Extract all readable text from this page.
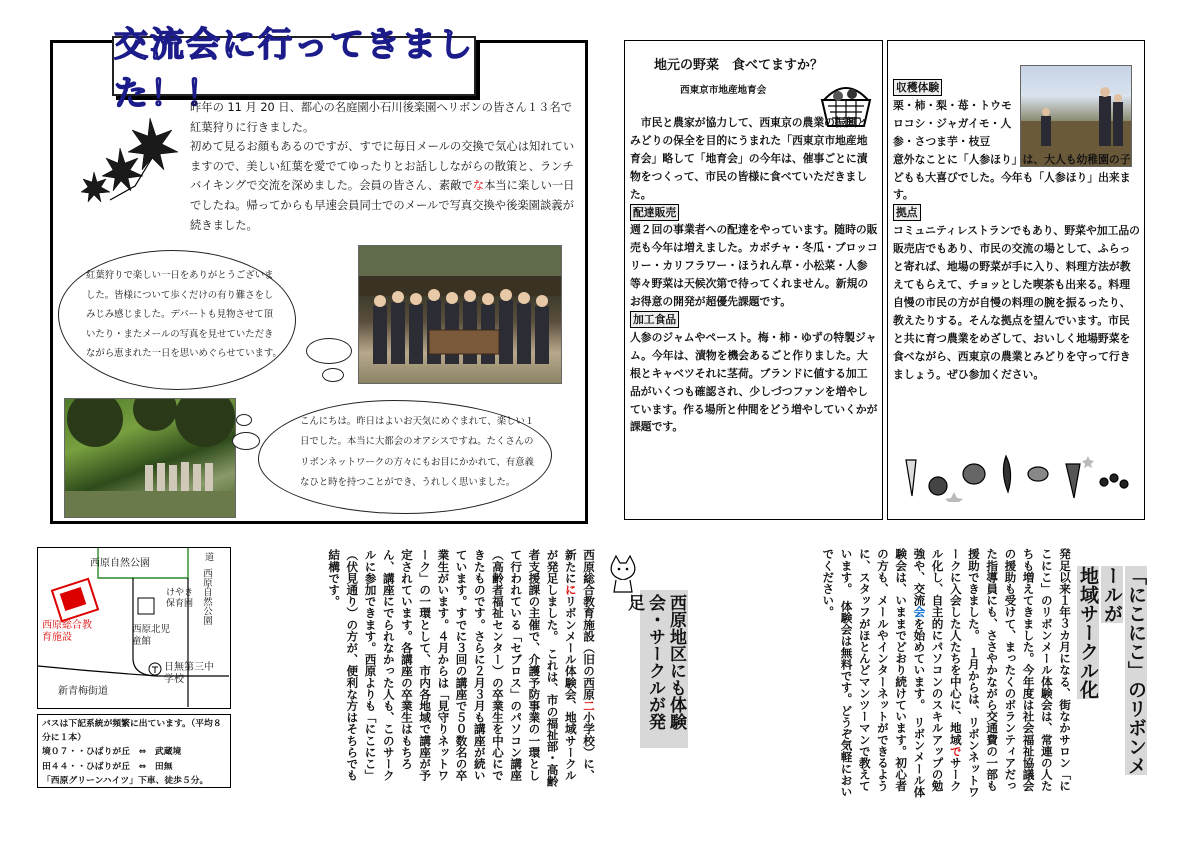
交流会に行ってきました！！
昨年の 11 月 20 日、都心の名庭園小石川後楽園へリボンの皆さん１３名で紅葉狩りに行きました。
初めて見るお顔もあるのですが、すでに毎日メールの交換で気心は知れていますので、美しい紅葉を愛でてゆったりとお話ししながらの散策と、ランチバイキングで交流を深めました。会員の皆さん、素敵でな本当に楽しい一日でしたね。帰ってからも早速会員同士でのメールで写真交換や後楽園談義が続きました。
紅葉狩りで楽しい一日をありがとうございました。皆様について歩くだけの有り難さをしみじみ感じました。デパートも見物させて頂いたり・またメールの写真を見せていただきながら恵まれた一日を思いめぐらせています。
こんにちは。昨日はよいお天気にめぐまれて、楽しい１日でした。本当に大都会のオアシスですね。たくさんのリボンネットワークの方々にもお目にかかれて、有意義なひと時を持つことができ、うれしく思いました。
地元の野菜　食べてますか？
西東京市地産地育会
　市民と農家が協力して、西東京の農業の振興とみどりの保全を目的にうまれた「西東京市地産地育会」略して「地育会」の今年は、催事ごとに漬物をつくって、市民の皆様に食べていただきました。
配達販売
週２回の事業者への配達をやっています。随時の販売も今年は増えました。カボチャ・冬瓜・ブロッコリー・カリフラワー・ほうれん草・小松菜・人参等々野菜は天候次第で待ってくれません。新規のお得意の開発が超優先課題です。
加工食品
人参のジャムやペースト。梅・柿・ゆずの特製ジャム。今年は、漬物を機会あるごと作りました。大根とキャベツそれに茎荷。ブランドに値する加工品がいくつも確認され、少しづつファンを増やしています。作る場所と仲間をどう増やしていくかが課題です。
収穫体験
栗・柿・梨・苺・トウモロコシ・ジャガイモ・人参・さつま芋・枝豆
意外なことに「人参ほり」は、大人も幼稚園の子どもも大喜びでした。今年も「人参ほり」出来ます。
拠点
コミュニティレストランでもあり、野菜や加工品の販売店でもあり、市民の交流の場として、ふらっと寄れば、地場の野菜が手に入り、料理方法が教えてもらえて、チョッとした喫茶も出来る。料理自慢の市民の方が自慢の料理の腕を振るったり、教えたりする。そんな拠点を望んでいます。市民と共に育つ農業をめざして、おいしく地場野菜を食べながら、西東京の農業とみどりを守って行きましょう。ぜひ参加ください。
西原自然公園
道
西原自然公園
けやき保育園
西原総合教育施設
西原北児童館
日無第三中学校
新青梅街道
バスは下記系統が頻繁に出ています。（平均８分に１本）
境０７・・ひばりが丘　⇔　武蔵境
田４４・・ひばりが丘　⇔　田無
「西原グリーンハイツ」下車、徒歩５分。
西原総合教育施設（旧の西原二小学校）に、新たににリボンメール体験会、地域サークルが発足しました。　これは、市の福祉部・高齢者支援課の主催で、介護予防事業の一環として行われている「セブロス」のパソコン講座（高齢者福祉センター）の卒業生を中心にできたものです。さらに２月３月も講座が続いています。すでに３回の講座で５０数名の卒業生がいます。４月からは「見守りネットワーク」の一環として、市内各地域で講座が予定されています。各講座の卒業生はもちろん、講座にでられなかった人も、このサークルに参加できます。西原よりも「にこにこ」（伏見通り）の方が、便利な方はそちらでも結構です。
西原地区にも体験会・サークルが発足	発足以来１年３カ月になる、街なかサロン「にこにこ」のリボンメール体験会は、常連の人たちも増えてきました。今年度は社会福祉協議会の援助も受けて、まったくのボランティアだった指導員にも、ささやかながら交通費の一部も援助できました。　１月からは、リボンネットワークに入会した人たちを中心に、地域でサークル化し、自主的にパソコンのスキルアップの勉強や、交流会を始めています。　リボンメール体験会は、いままでどおり続けています。初心者の方も、メールやインターネットができるように、スタッフがほとんどマンツーマンで教えています。　体験会は無料です。どうぞ気軽においでください。	「にこにこ」のリボンメールが
地域サークル化
